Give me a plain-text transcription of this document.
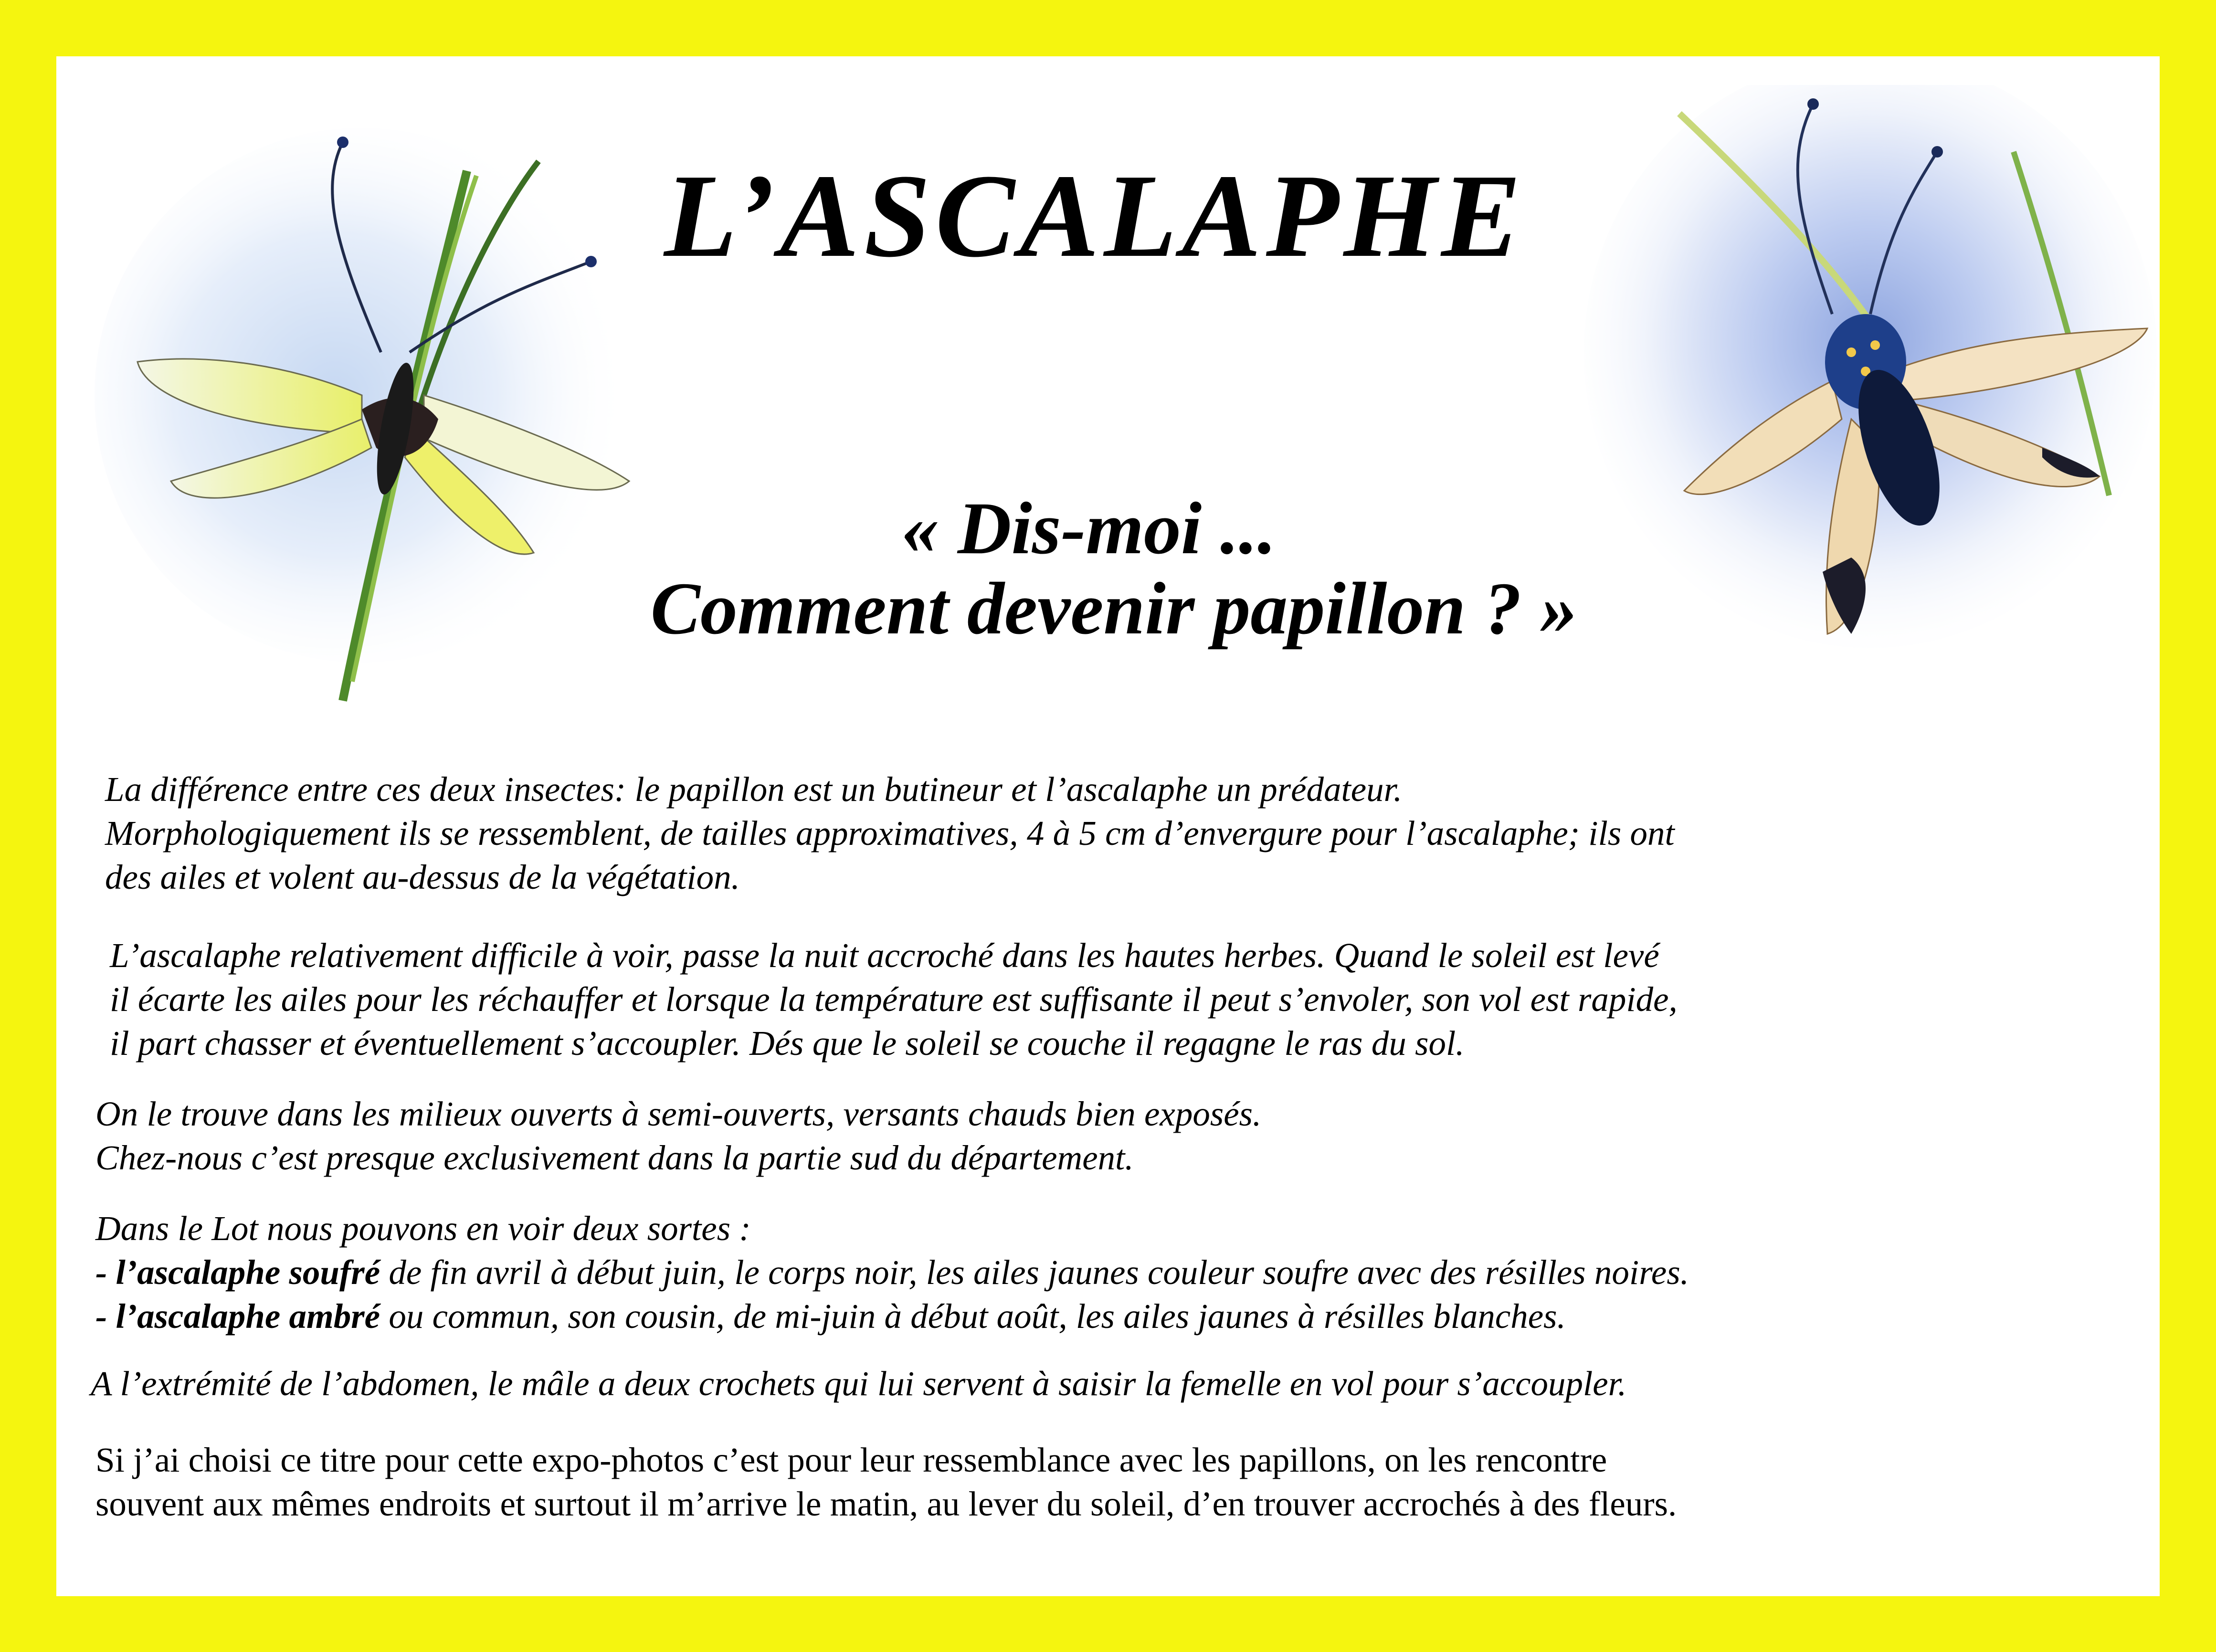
L’ASCALAPHE
« Dis-moi ...
Comment devenir papillon ? »
La différence entre ces deux insectes: le papillon est un butineur et l’ascalaphe un prédateur.
Morphologiquement ils se ressemblent, de tailles approximatives, 4 à 5 cm d’envergure pour l’ascalaphe; ils ont
des ailes et volent au-dessus de la végétation.
L’ascalaphe relativement difficile à voir, passe la nuit accroché dans les hautes herbes. Quand le soleil est levé
il écarte les ailes pour les réchauffer et lorsque la température est suffisante il peut s’envoler, son vol est rapide,
il part chasser et éventuellement s’accoupler. Dés que le soleil se couche il regagne le ras du sol.
On le trouve dans les milieux ouverts à semi-ouverts, versants chauds bien exposés.
Chez-nous c’est presque exclusivement dans la partie sud du département.
Dans le Lot nous pouvons en voir deux sortes :
- l’ascalaphe soufré de fin avril à début juin, le corps noir, les ailes jaunes couleur soufre avec des résilles noires.
- l’ascalaphe ambré ou commun, son cousin, de mi-juin à début août, les ailes jaunes à résilles blanches.
A l’extrémité de l’abdomen, le mâle a deux crochets qui lui servent à saisir la femelle en vol pour s’accoupler.
Si j’ai choisi ce titre pour cette expo-photos c’est pour leur ressemblance avec les papillons, on les rencontre
souvent aux mêmes endroits et surtout il m’arrive le matin, au lever du soleil, d’en trouver accrochés à des fleurs.
